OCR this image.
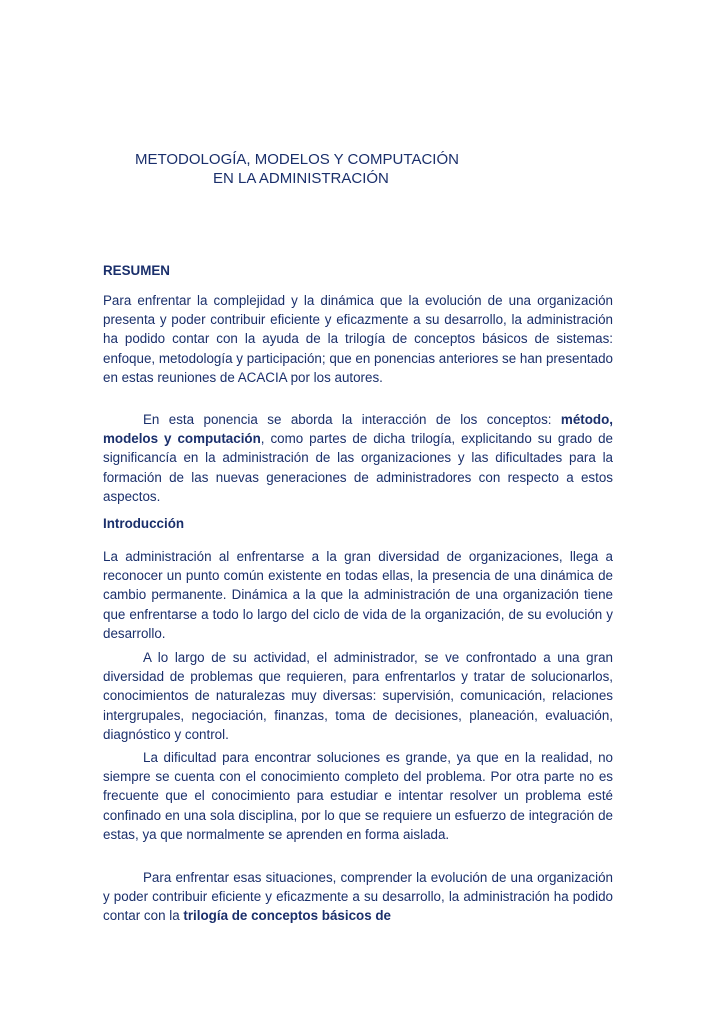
METODOLOGÍA, MODELOS Y COMPUTACIÓN
EN LA ADMINISTRACIÓN
RESUMEN

Para enfrentar la complejidad y la dinámica que la evolución de una organización presenta y poder contribuir eficiente y eficazmente a su desarrollo, la administración ha podido contar con la ayuda de la trilogía de conceptos básicos de sistemas: enfoque, metodología y participación; que en ponencias anteriores se han presentado en estas reuniones de ACACIA por los autores.

En esta ponencia se aborda la interacción de los conceptos: método, modelos y computación, como partes de dicha trilogía, explicitando su grado de significancía en la administración de las organizaciones y las dificultades para la formación de las nuevas generaciones de administradores con respecto a estos aspectos.

Introducción

La administración al enfrentarse a la gran diversidad de organizaciones, llega a reconocer un punto común existente en todas ellas, la presencia de una dinámica de cambio permanente. Dinámica a la que la administración de una organización tiene que enfrentarse a todo lo largo del ciclo de vida de la organización, de su evolución y desarrollo.

A lo largo de su actividad, el administrador, se ve confrontado a una gran diversidad de problemas que requieren, para enfrentarlos y tratar de solucionarlos, conocimientos de naturalezas muy diversas: supervisión, comunicación, relaciones intergrupales, negociación, finanzas, toma de decisiones, planeación, evaluación, diagnóstico y control.

La dificultad para encontrar soluciones es grande, ya que en la realidad, no siempre se cuenta con el conocimiento completo del problema. Por otra parte no es frecuente que el conocimiento para estudiar e intentar resolver un problema esté confinado en una sola disciplina, por lo que se requiere un esfuerzo de integración de estas, ya que normalmente se aprenden en forma aislada.

Para enfrentar esas situaciones, comprender la evolución de una organización y poder contribuir eficiente y eficazmente a su desarrollo, la administración ha podido contar con la trilogía de conceptos básicos de
